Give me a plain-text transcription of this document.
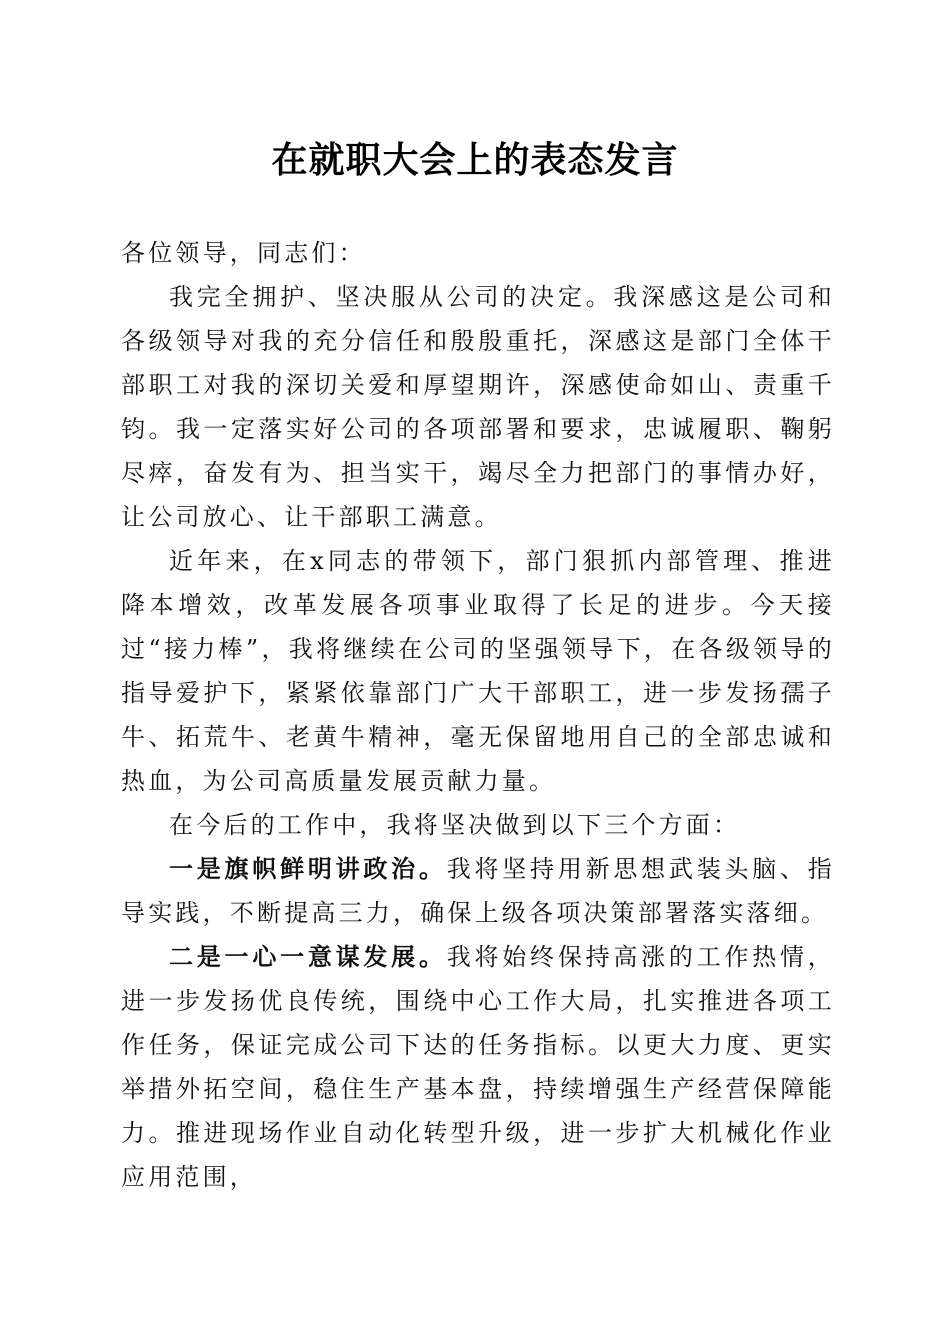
在就职大会上的表态发言

各位领导，同志们：

我完全拥护、坚决服从公司的决定。我深感这是公司和各级领导对我的充分信任和殷殷重托，深感这是部门全体干部职工对我的深切关爱和厚望期许，深感使命如山、责重千钧。我一定落实好公司的各项部署和要求，忠诚履职、鞠躬尽瘁，奋发有为、担当实干，竭尽全力把部门的事情办好，让公司放心、让干部职工满意。

近年来，在x同志的带领下，部门狠抓内部管理、推进降本增效，改革发展各项事业取得了长足的进步。今天接过“接力棒”，我将继续在公司的坚强领导下，在各级领导的指导爱护下，紧紧依靠部门广大干部职工，进一步发扬孺子牛、拓荒牛、老黄牛精神，毫无保留地用自己的全部忠诚和热血，为公司高质量发展贡献力量。

在今后的工作中，我将坚决做到以下三个方面：

一是旗帜鲜明讲政治。我将坚持用新思想武装头脑、指导实践，不断提高三力，确保上级各项决策部署落实落细。

二是一心一意谋发展。我将始终保持高涨的工作热情，进一步发扬优良传统，围绕中心工作大局，扎实推进各项工作任务，保证完成公司下达的任务指标。以更大力度、更实举措外拓空间，稳住生产基本盘，持续增强生产经营保障能力。推进现场作业自动化转型升级，进一步扩大机械化作业应用范围，
